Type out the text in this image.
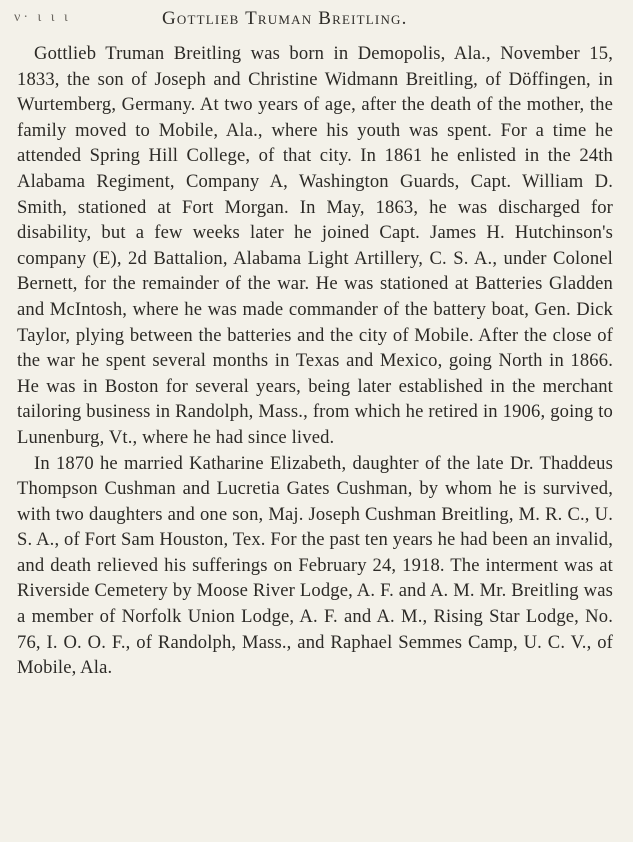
ν· ι ι ι	Gottlieb Truman Breitling.

Gottlieb Truman Breitling was born in Demopolis, Ala., November 15, 1833, the son of Joseph and Christine Widmann Breitling, of Döffingen, in Wurtemberg, Germany. At two years of age, after the death of the mother, the family moved to Mobile, Ala., where his youth was spent. For a time he attended Spring Hill College, of that city. In 1861 he enlisted in the 24th Alabama Regiment, Company A, Washington Guards, Capt. William D. Smith, stationed at Fort Morgan. In May, 1863, he was discharged for disability, but a few weeks later he joined Capt. James H. Hutchinson's company (E), 2d Battalion, Alabama Light Artillery, C. S. A., under Colonel Bernett, for the remainder of the war. He was stationed at Batteries Gladden and McIntosh, where he was made commander of the battery boat, Gen. Dick Taylor, plying between the batteries and the city of Mobile. After the close of the war he spent several months in Texas and Mexico, going North in 1866. He was in Boston for several years, being later established in the merchant tailoring business in Randolph, Mass., from which he retired in 1906, going to Lunenburg, Vt., where he had since lived.

In 1870 he married Katharine Elizabeth, daughter of the late Dr. Thaddeus Thompson Cushman and Lucretia Gates Cushman, by whom he is survived, with two daughters and one son, Maj. Joseph Cushman Breitling, M. R. C., U. S. A., of Fort Sam Houston, Tex. For the past ten years he had been an invalid, and death relieved his sufferings on February 24, 1918. The interment was at Riverside Cemetery by Moose River Lodge, A. F. and A. M. Mr. Breitling was a member of Norfolk Union Lodge, A. F. and A. M., Rising Star Lodge, No. 76, I. O. O. F., of Randolph, Mass., and Raphael Semmes Camp, U. C. V., of Mobile, Ala.
